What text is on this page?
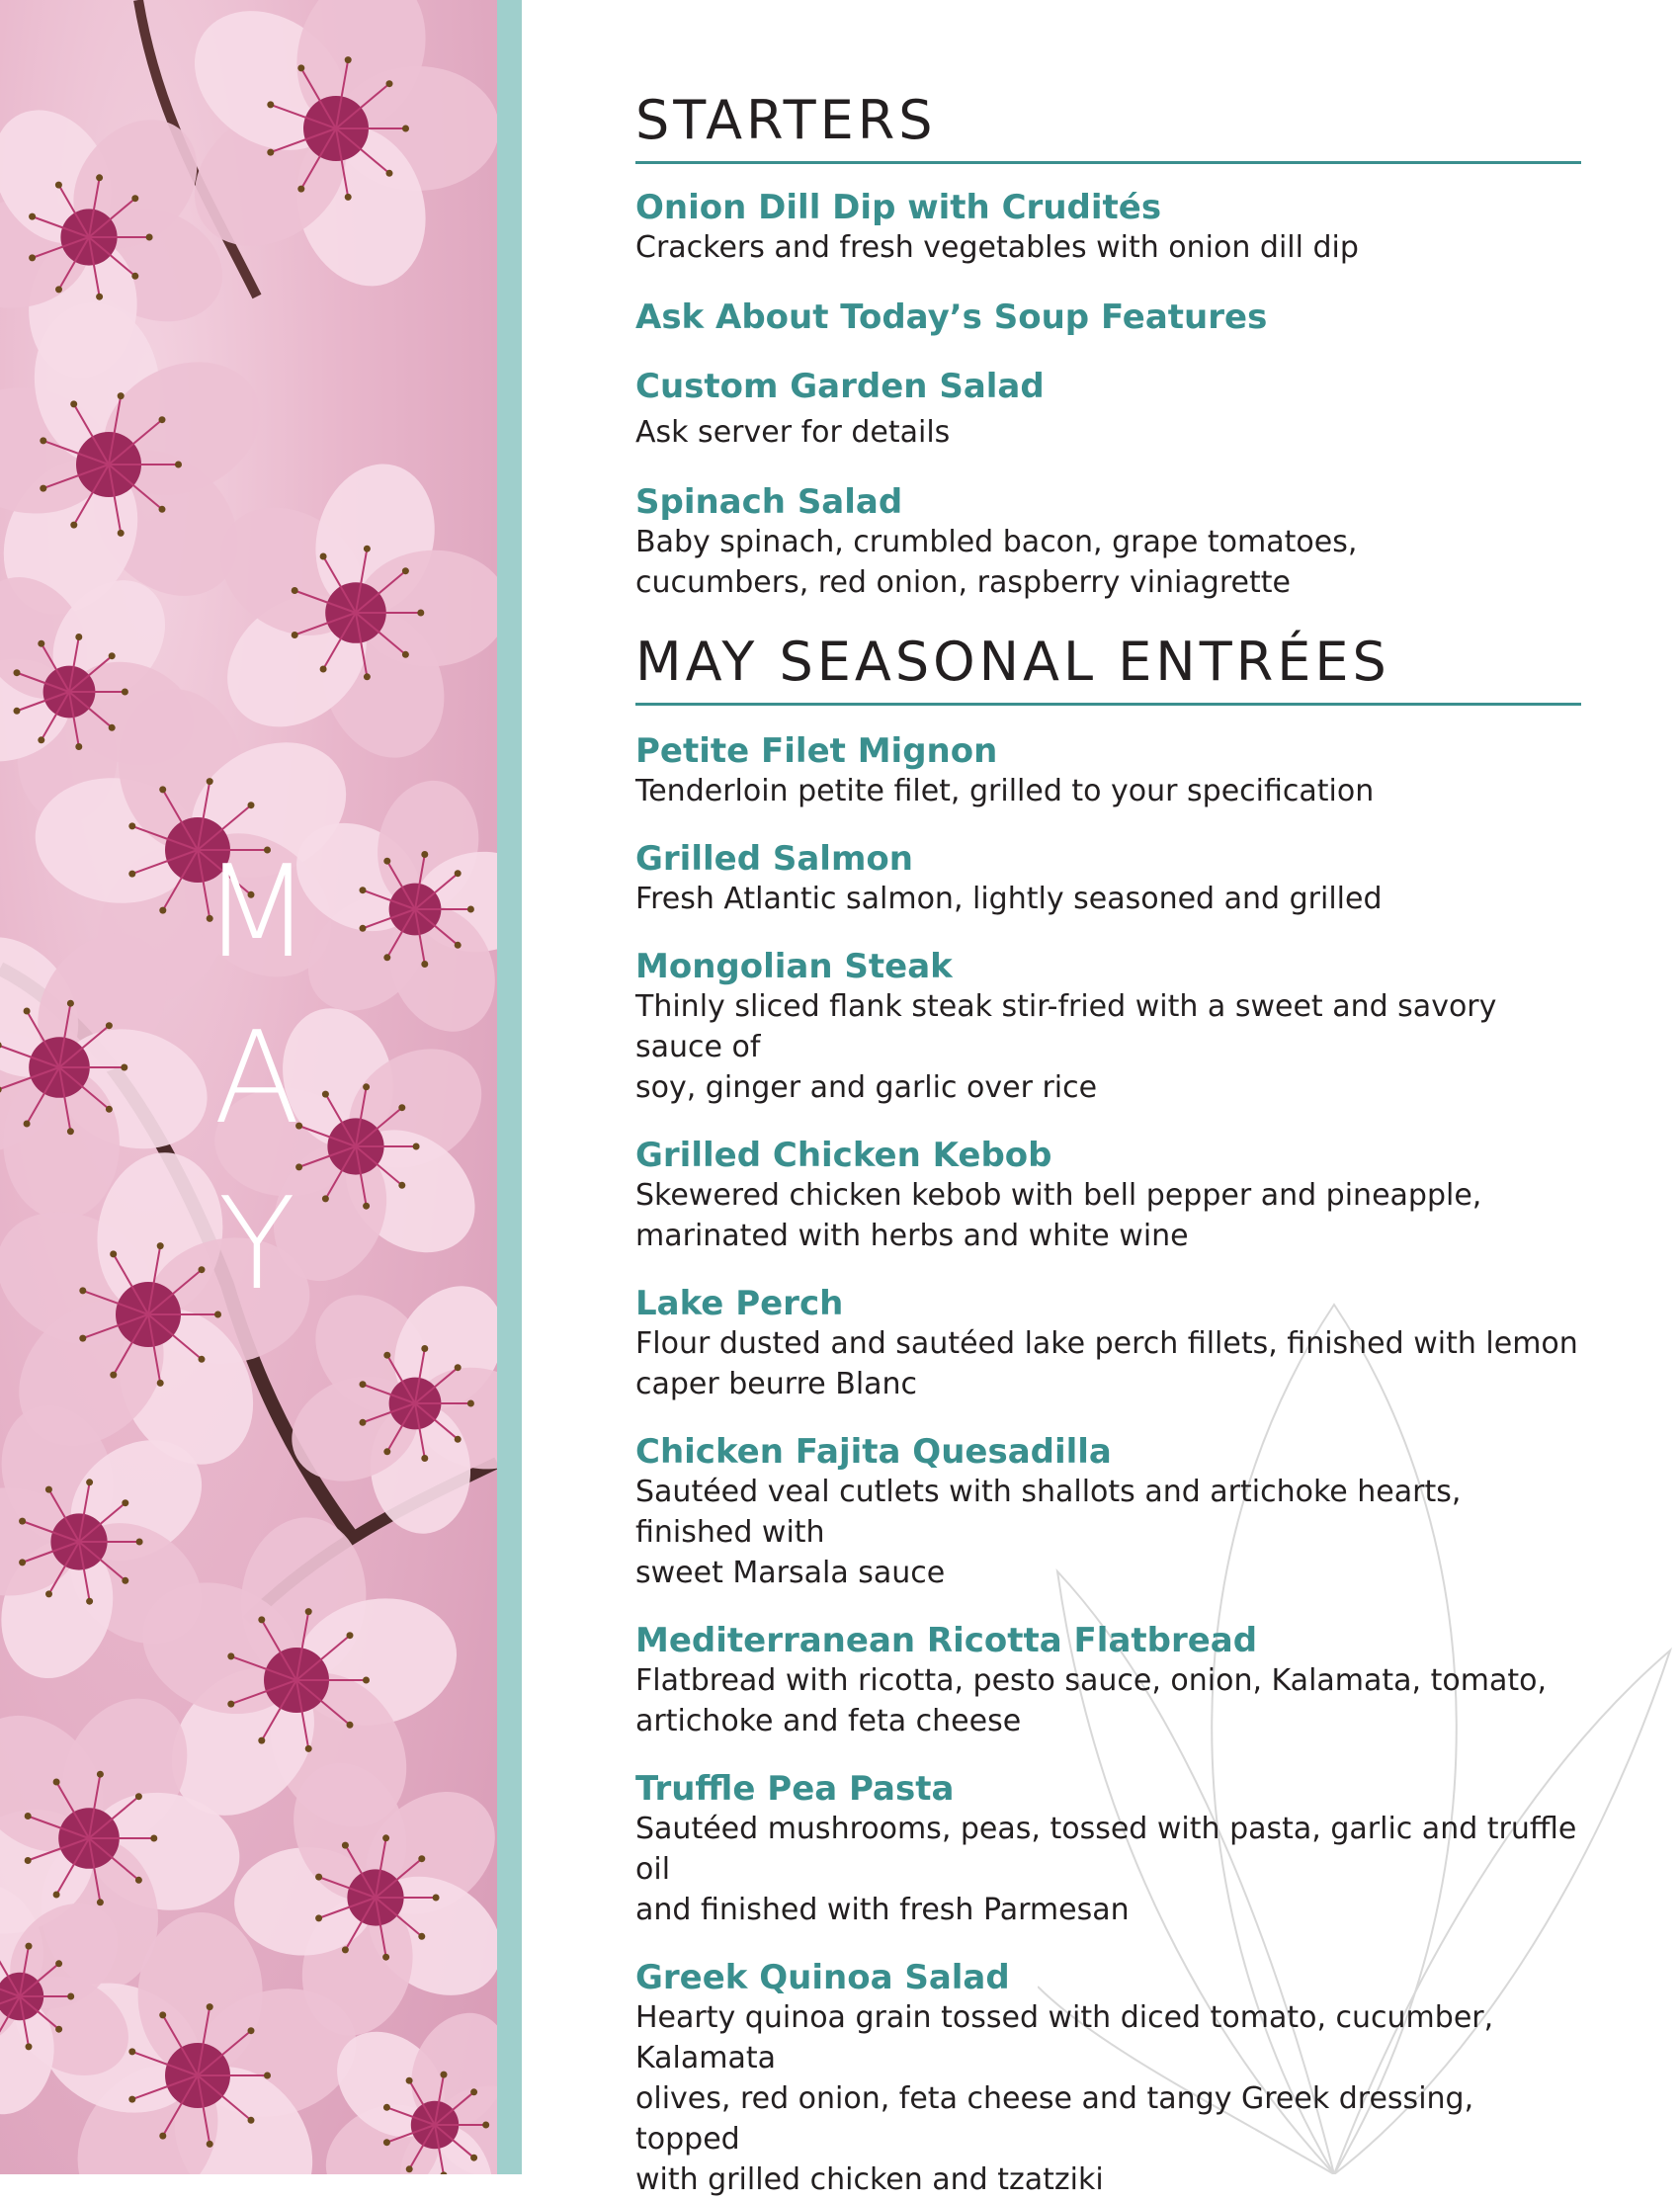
M
A
Y
STARTERS
Onion Dill Dip with Crudités
Crackers and fresh vegetables with onion dill dip
Ask About Today’s Soup Features
Custom Garden Salad
Ask server for details
Spinach Salad
Baby spinach, crumbled bacon, grape tomatoes,
cucumbers, red onion, raspberry viniagrette
MAY SEASONAL ENTRÉES
Petite Filet Mignon
Tenderloin petite filet, grilled to your specification
Grilled Salmon
Fresh Atlantic salmon, lightly seasoned and grilled
Mongolian Steak
Thinly sliced flank steak stir-fried with a sweet and savory sauce of
soy, ginger and garlic over rice
Grilled Chicken Kebob
Skewered chicken kebob with bell pepper and pineapple,
marinated with herbs and white wine
Lake Perch
Flour dusted and sautéed lake perch fillets, finished with lemon
caper beurre Blanc
Chicken Fajita Quesadilla
Sautéed veal cutlets with shallots and artichoke hearts, finished with
sweet Marsala sauce
Mediterranean Ricotta Flatbread
Flatbread with ricotta, pesto sauce, onion, Kalamata, tomato,
artichoke and feta cheese
Truffle Pea Pasta
Sautéed mushrooms, peas, tossed with pasta, garlic and truffle oil
and finished with fresh Parmesan
Greek Quinoa Salad
Hearty quinoa grain tossed with diced tomato, cucumber, Kalamata
olives, red onion, feta cheese and tangy Greek dressing, topped
with grilled chicken and tzatziki
